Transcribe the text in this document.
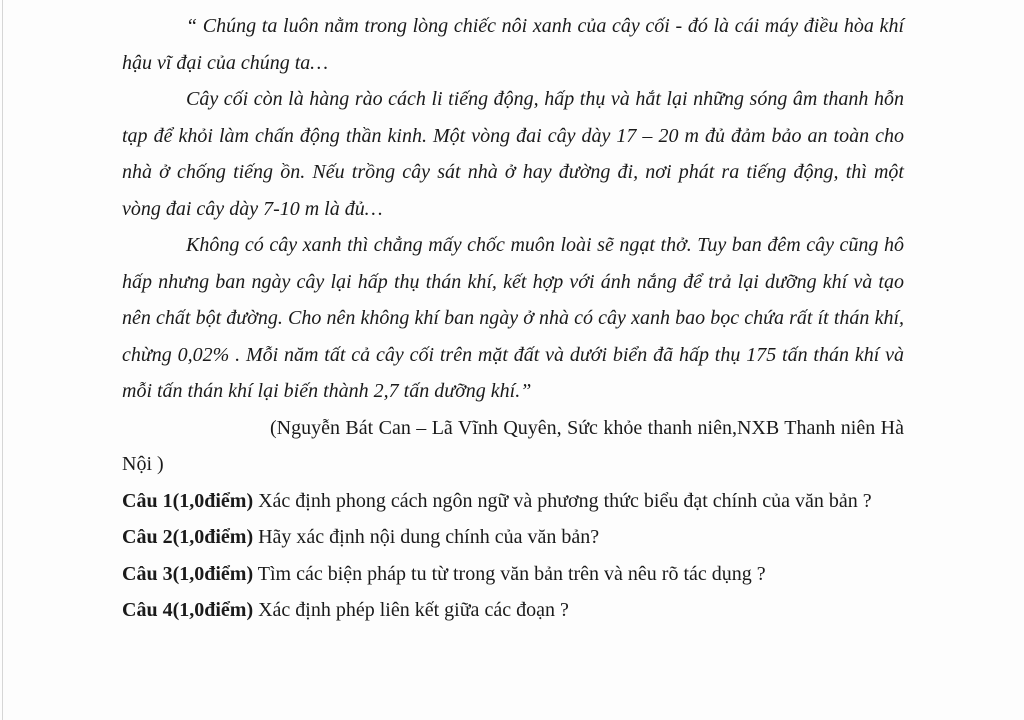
“ Chúng ta luôn nằm trong lòng chiếc nôi xanh của cây cối - đó là cái máy điều hòa khí hậu vĩ đại của chúng ta…

Cây cối còn là hàng rào cách li tiếng động, hấp thụ và hắt lại những sóng âm thanh hỗn tạp để khỏi làm chấn động thần kinh. Một vòng đai cây dày 17 – 20 m đủ đảm bảo an toàn cho nhà ở chống tiếng ồn. Nếu trồng cây sát nhà ở hay đường đi, nơi phát ra tiếng động, thì một vòng đai cây dày 7-10 m là đủ…

Không có cây xanh thì chẳng mấy chốc muôn loài sẽ ngạt thở. Tuy ban đêm cây cũng hô hấp nhưng ban ngày cây lại hấp thụ thán khí, kết hợp với ánh nắng để trả lại dưỡng khí và tạo nên chất bột đường. Cho nên không khí ban ngày ở nhà có cây xanh bao bọc chứa rất ít thán khí, chừng 0,02% . Mỗi năm tất cả cây cối trên mặt đất và dưới biển đã hấp thụ 175 tấn thán khí và mỗi tấn thán khí lại biến thành 2,7 tấn dưỡng khí.”

(Nguyễn Bát Can – Lã Vĩnh Quyên, Sức khỏe thanh niên,NXB Thanh niên Hà Nội )

Câu 1(1,0điểm) Xác định phong cách ngôn ngữ và phương thức biểu đạt chính của văn bản ?

Câu 2(1,0điểm) Hãy xác định nội dung chính của văn bản?

Câu 3(1,0điểm) Tìm các biện pháp tu từ trong văn bản trên và nêu rõ tác dụng ?

Câu 4(1,0điểm) Xác định phép liên kết giữa các đoạn ?
